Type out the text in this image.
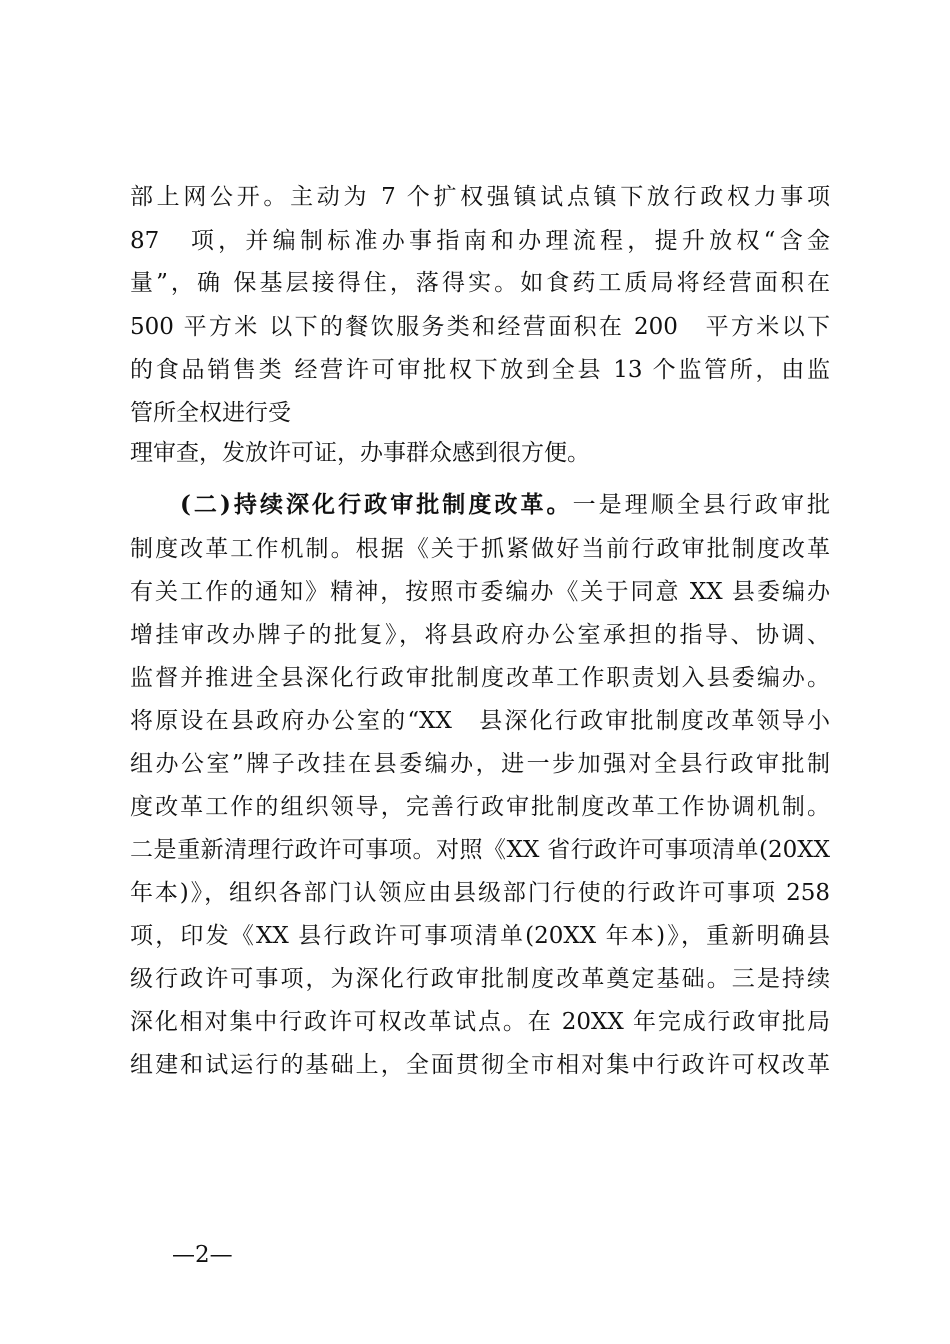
部上网公开。主动为 7 个扩权强镇试点镇下放行政权力事项
87　项，并编制标准办事指南和办理流程，提升放权“含金
量”，确 保基层接得住，落得实。如食药工质局将经营面积在
500 平方米 以下的餐饮服务类和经营面积在 200　平方米以下
的食品销售类 经营许可审批权下放到全县 13 个监管所，由监
管所全权进行受
理审查，发放许可证，办事群众感到很方便。
(二)持续深化行政审批制度改革。一是理顺全县行政审批
制度改革工作机制。根据《关于抓紧做好当前行政审批制度改革
有关工作的通知》精神，按照市委编办《关于同意 XX 县委编办
增挂审改办牌子的批复》，将县政府办公室承担的指导、协调、
监督并推进全县深化行政审批制度改革工作职责划入县委编办。
将原设在县政府办公室的“XX　县深化行政审批制度改革领导小
组办公室”牌子改挂在县委编办，进一步加强对全县行政审批制
度改革工作的组织领导，完善行政审批制度改革工作协调机制。
二是重新清理行政许可事项。对照《XX 省行政许可事项清单(20XX
年本)》，组织各部门认领应由县级部门行使的行政许可事项 258
项，印发《XX 县行政许可事项清单(20XX 年本)》，重新明确县
级行政许可事项，为深化行政审批制度改革奠定基础。三是持续
深化相对集中行政许可权改革试点。在 20XX 年完成行政审批局
组建和试运行的基础上，全面贯彻全市相对集中行政许可权改革
—2—
